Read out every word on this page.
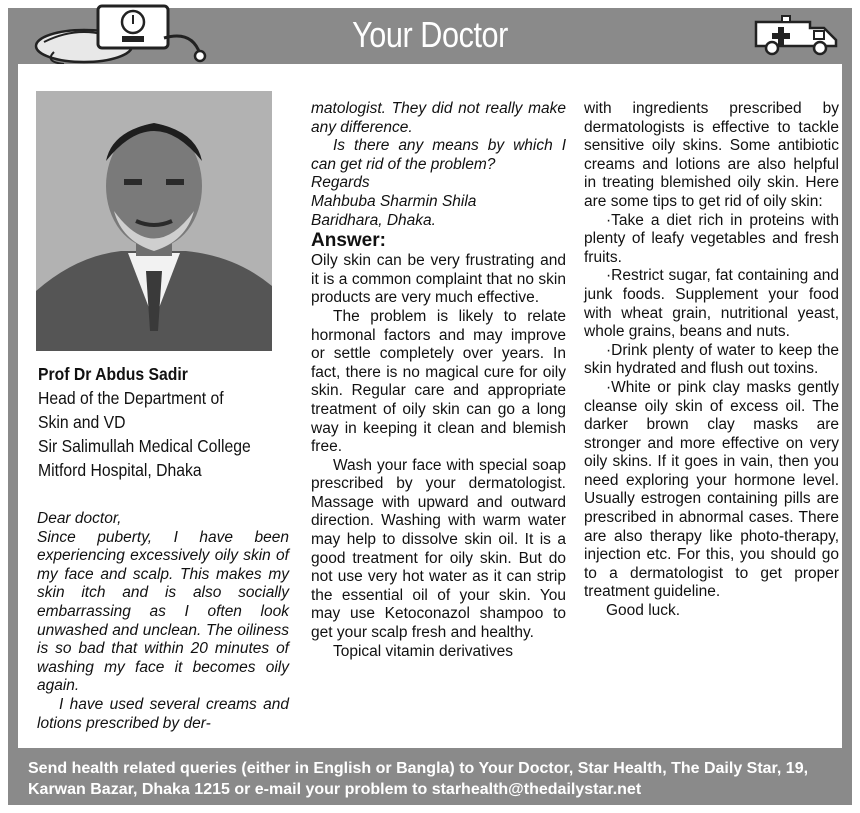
Your Doctor
Prof Dr Abdus Sadir
Head of the Department of
Skin and VD
Sir Salimullah Medical College
Mitford Hospital, Dhaka

Dear doctor,

Since puberty, I have been experiencing excessively oily skin of my face and scalp. This makes my skin itch and is also socially embarrassing as I often look unwashed and unclean. The oiliness is so bad that within 20 minutes of washing my face it becomes oily again.

I have used several creams and lotions prescribed by der-

matologist. They did not really make any difference.

Is there any means by which I can get rid of the problem?

Regards

Mahbuba Sharmin Shila

Baridhara, Dhaka.

Answer:

Oily skin can be very frustrating and it is a common complaint that no skin products are very much effective.

The problem is likely to relate hormonal factors and may improve or settle completely over years. In fact, there is no magical cure for oily skin. Regular care and appropriate treatment of oily skin can go a long way in keeping it clean and blemish free.

Wash your face with special soap prescribed by your dermatologist. Massage with upward and outward direction. Washing with warm water may help to dissolve skin oil. It is a good treatment for oily skin. But do not use very hot water as it can strip the essential oil of your skin. You may use Ketoconazol shampoo to get your scalp fresh and healthy.

Topical vitamin derivatives

with ingredients prescribed by dermatologists is effective to tackle sensitive oily skins. Some antibiotic creams and lotions are also helpful in treating blemished oily skin. Here are some tips to get rid of oily skin:

·Take a diet rich in proteins with plenty of leafy vegetables and fresh fruits.

·Restrict sugar, fat containing and junk foods. Supplement your food with wheat grain, nutritional yeast, whole grains, beans and nuts.

·Drink plenty of water to keep the skin hydrated and flush out toxins.

·White or pink clay masks gently cleanse oily skin of excess oil. The darker brown clay masks are stronger and more effective on very oily skins. If it goes in vain, then you need exploring your hormone level. Usually estrogen containing pills are prescribed in abnormal cases. There are also therapy like photo-therapy, injection etc. For this, you should go to a dermatologist to get proper treatment guideline.

Good luck.

Send health related queries (either in English or Bangla) to Your Doctor, Star Health, The Daily Star, 19, Karwan Bazar, Dhaka 1215 or e-mail your problem to starhealth@thedailystar.net
